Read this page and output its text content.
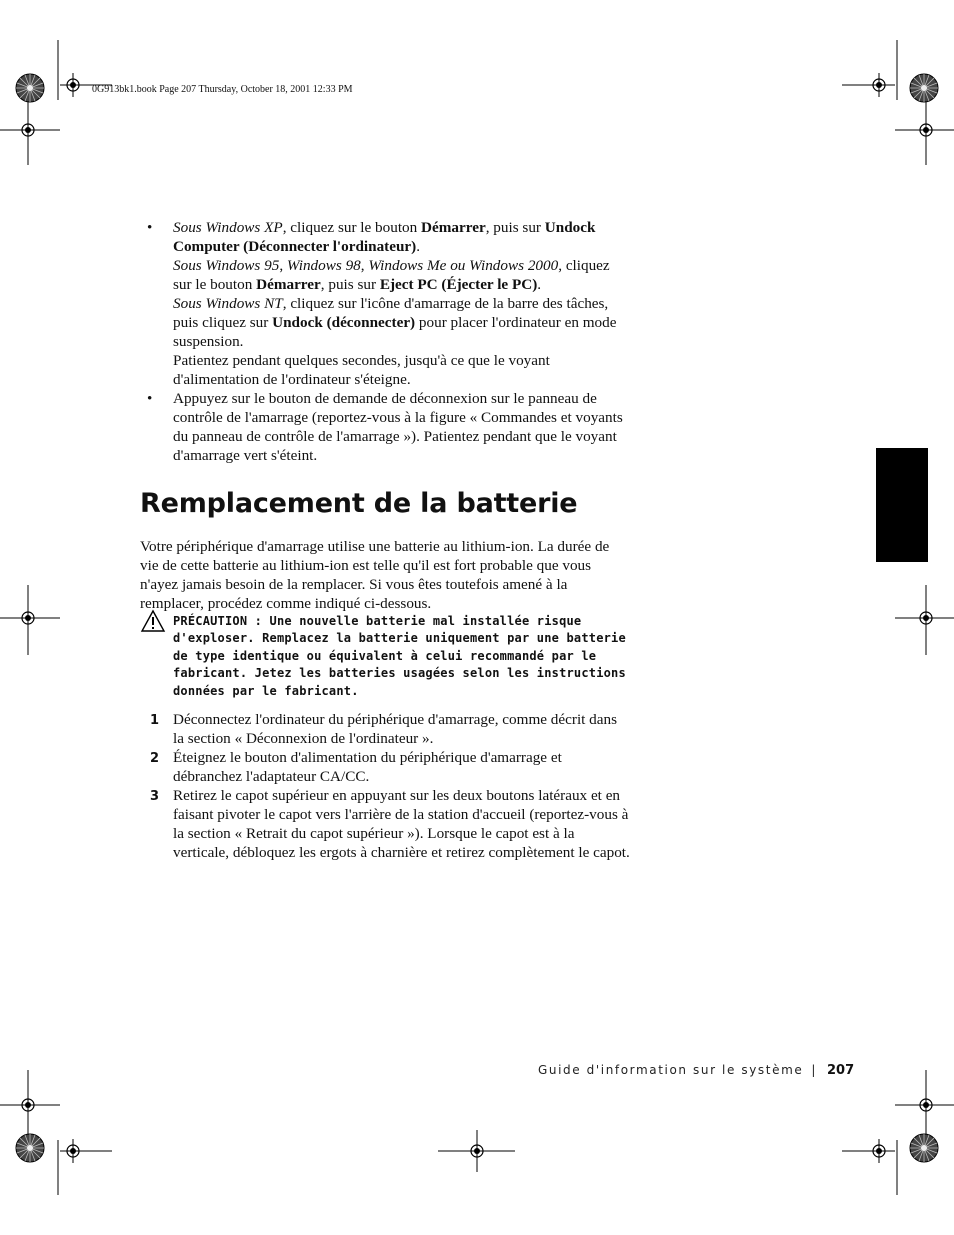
0G913bk1.book Page 207 Thursday, October 18, 2001 12:33 PM

• Sous Windows XP, cliquez sur le bouton Démarrer, puis sur Undock Computer (Déconnecter l'ordinateur).

Sous Windows 95, Windows 98, Windows Me ou Windows 2000, cliquez sur le bouton Démarrer, puis sur Eject PC (Éjecter le PC).

Sous Windows NT, cliquez sur l'icône d'amarrage de la barre des tâches, puis cliquez sur Undock (déconnecter) pour placer l'ordinateur en mode suspension.

Patientez pendant quelques secondes, jusqu'à ce que le voyant d'alimentation de l'ordinateur s'éteigne.

• Appuyez sur le bouton de demande de déconnexion sur le panneau de contrôle de l'amarrage (reportez-vous à la figure « Commandes et voyants du panneau de contrôle de l'amarrage »). Patientez pendant que le voyant d'amarrage vert s'éteint.

Remplacement de la batterie

Votre périphérique d'amarrage utilise une batterie au lithium-ion. La durée de vie de cette batterie au lithium-ion est telle qu'il est fort probable que vous n'ayez jamais besoin de la remplacer. Si vous êtes toutefois amené à la remplacer, procédez comme indiqué ci-dessous.

PRÉCAUTION : Une nouvelle batterie mal installée risque d'exploser. Remplacez la batterie uniquement par une batterie de type identique ou équivalent à celui recommandé par le fabricant. Jetez les batteries usagées selon les instructions données par le fabricant.

1 Déconnectez l'ordinateur du périphérique d'amarrage, comme décrit dans la section « Déconnexion de l'ordinateur ».

2 Éteignez le bouton d'alimentation du périphérique d'amarrage et débranchez l'adaptateur CA/CC.

3 Retirez le capot supérieur en appuyant sur les deux boutons latéraux et en faisant pivoter le capot vers l'arrière de la station d'accueil (reportez-vous à la section « Retrait du capot supérieur »). Lorsque le capot est à la verticale, débloquez les ergots à charnière et retirez complètement le capot.

Guide d'information sur le système | 207
